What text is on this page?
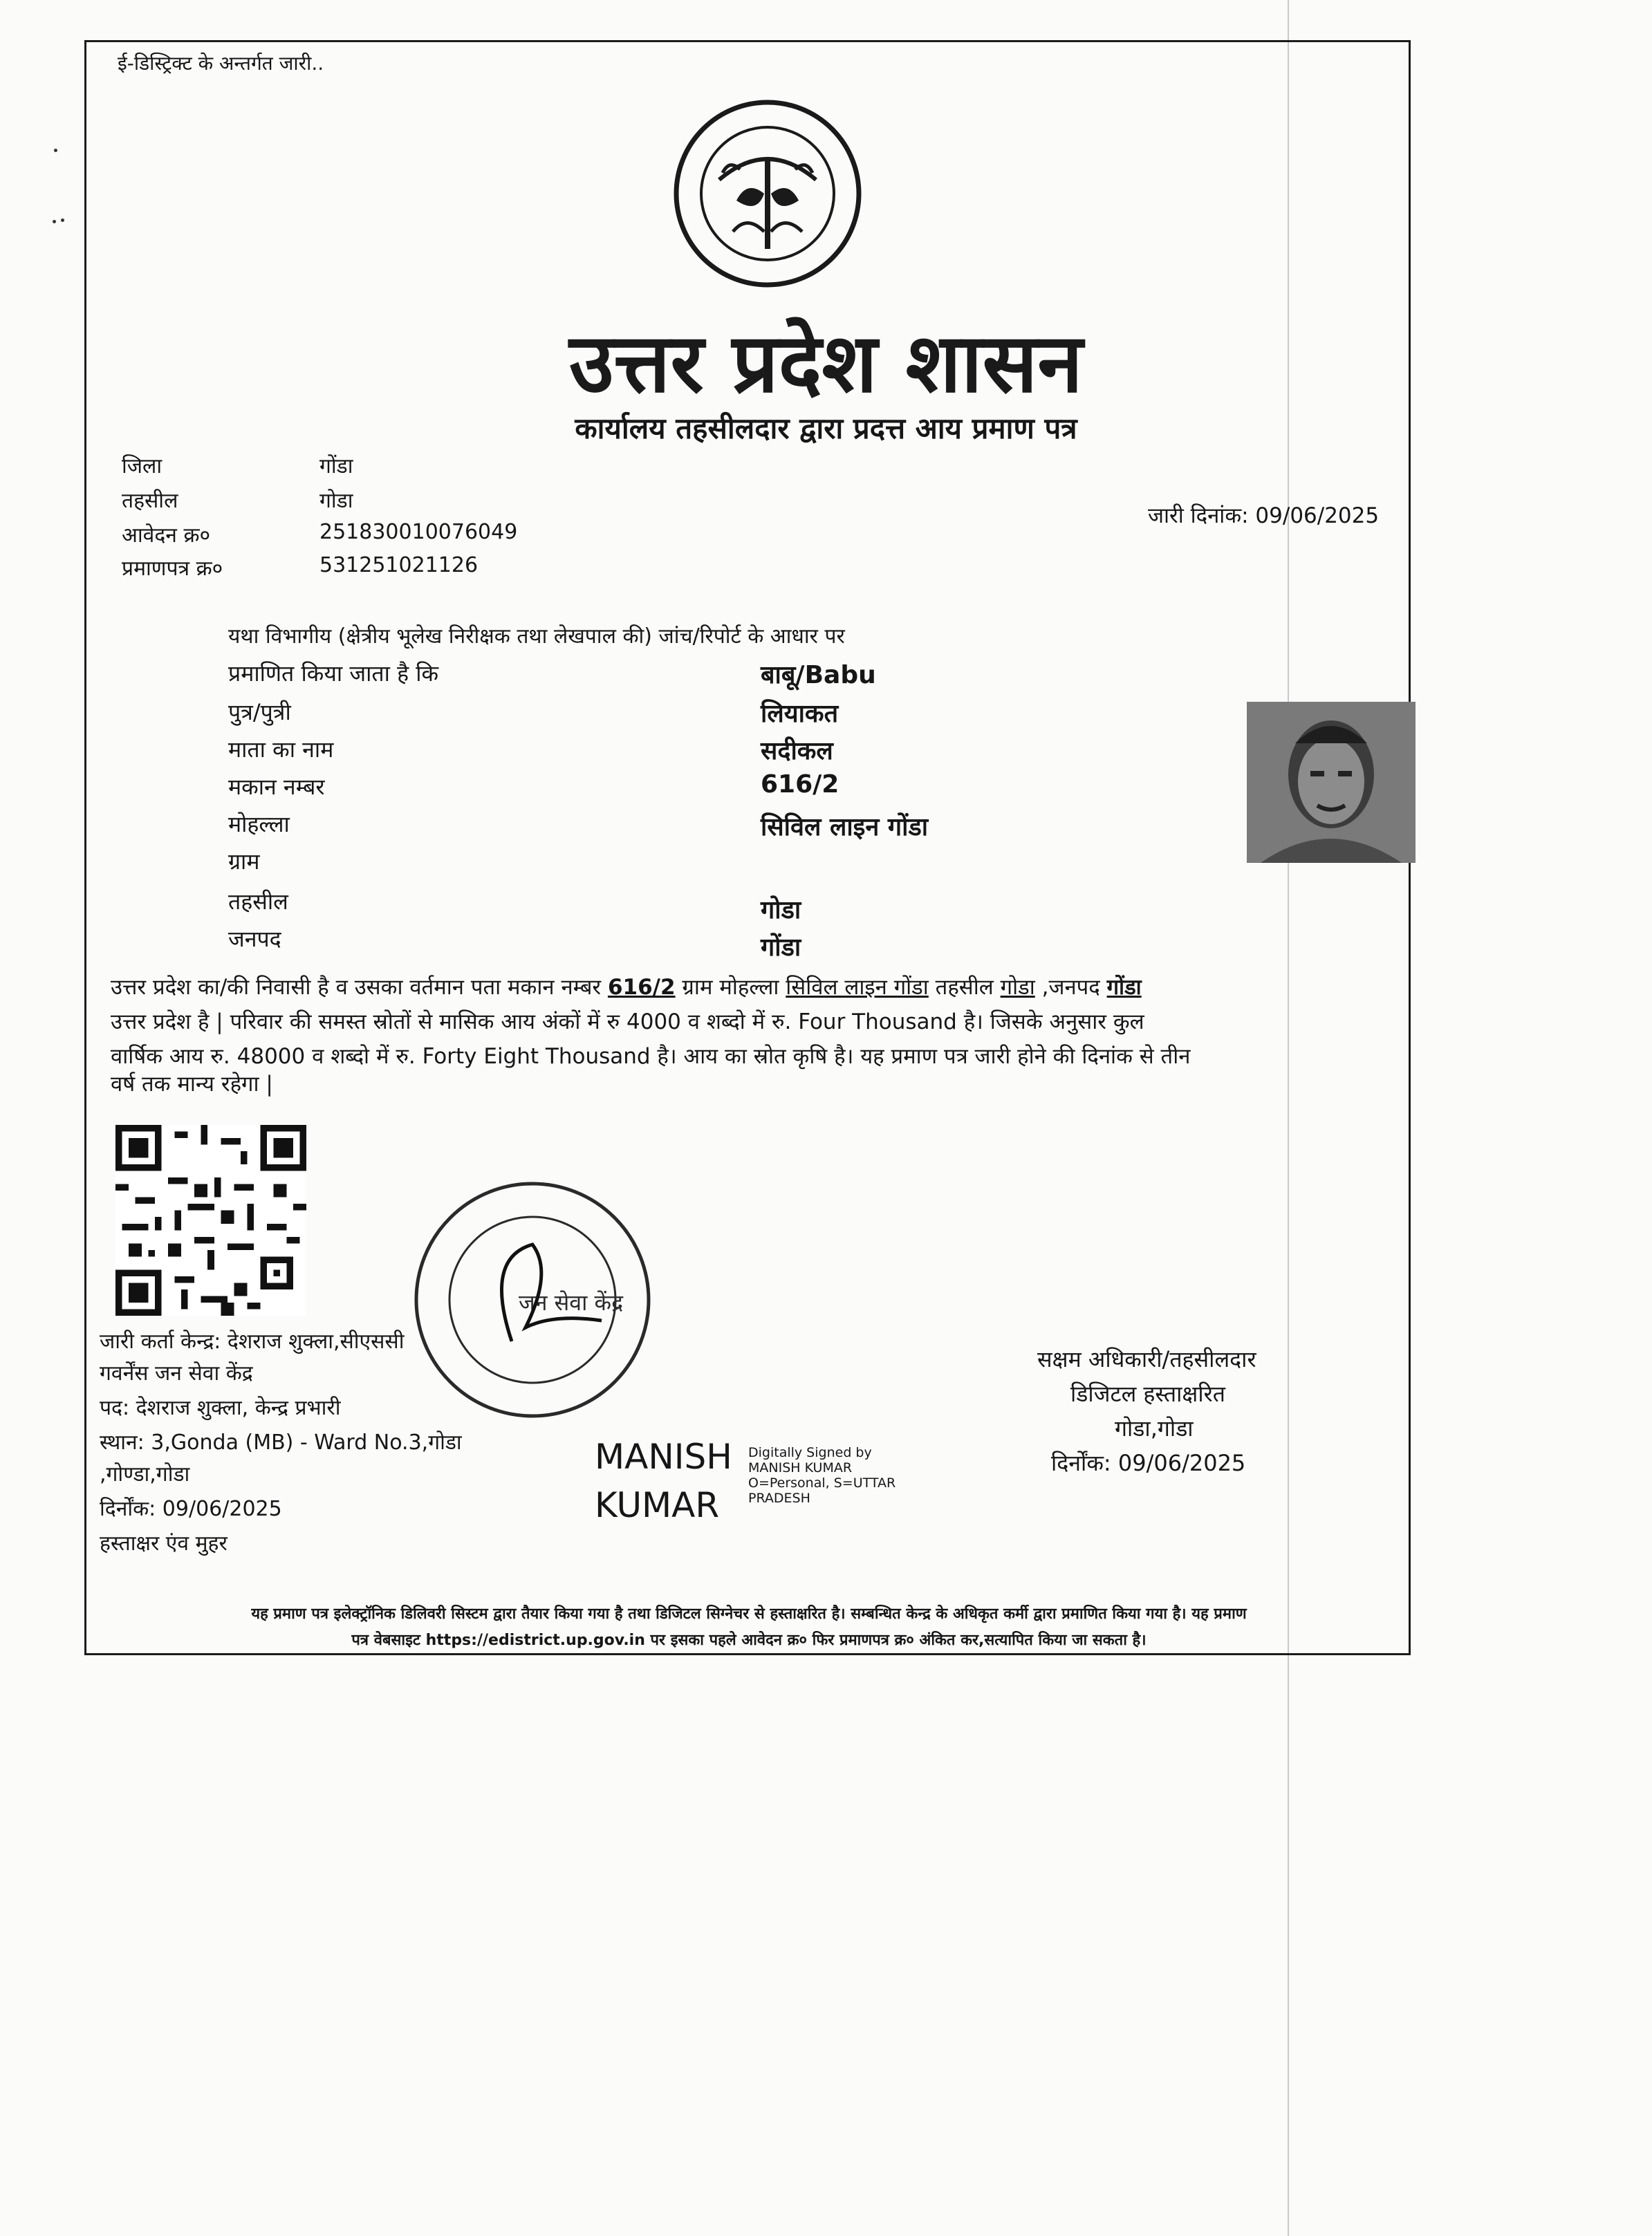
ई-डिस्ट्रिक्ट के अन्तर्गत जारी..
उत्तर प्रदेश शासन
कार्यालय तहसीलदार द्वारा प्रदत्त आय प्रमाण पत्र
जिला	गोंडा
तहसील	गोडा
आवेदन क्र०	251830010076049
प्रमाणपत्र क्र०	531251021126
जारी दिनांक: 09/06/2025
यथा विभागीय (क्षेत्रीय भूलेख निरीक्षक तथा लेखपाल की) जांच/रिपोर्ट के आधार पर
प्रमाणित किया जाता है कि	बाबू/Babu
पुत्र/पुत्री	लियाकत
माता का नाम	सदीकल
मकान नम्बर	616/2
मोहल्ला	सिविल लाइन गोंडा
ग्राम
तहसील	गोडा
जनपद	गोंडा
उत्तर प्रदेश का/की निवासी है व उसका वर्तमान पता मकान नम्बर 616/2 ग्राम मोहल्ला सिविल लाइन गोंडा तहसील गोडा ,जनपद गोंडा
उत्तर प्रदेश है | परिवार की समस्त स्रोतों से मासिक आय अंकों में रु 4000 व शब्दो में रु. Four Thousand है। जिसके अनुसार कुल
वार्षिक आय रु. 48000 व शब्दो में रु. Forty Eight Thousand है। आय का स्रोत कृषि है। यह प्रमाण पत्र जारी होने की दिनांक से तीन
वर्ष तक मान्य रहेगा |
जन सेवा केंद्र
जारी कर्ता केन्द्र: देशराज शुक्ला,सीएससी
गवर्नेंस जन सेवा केंद्र
पद: देशराज शुक्ला, केन्द्र प्रभारी
स्थान: 3,Gonda (MB) - Ward No.3,गोडा
,गोण्डा,गोडा
दिर्नोंक: 09/06/2025
हस्ताक्षर एंव मुहर
MANISH
KUMAR
Digitally Signed by MANISH KUMAR O=Personal, S=UTTAR PRADESH
सक्षम अधिकारी/तहसीलदार
डिजिटल हस्ताक्षरित
गोडा,गोडा
दिर्नोंक: 09/06/2025
यह प्रमाण पत्र इलेक्ट्रॉनिक डिलिवरी सिस्टम द्वारा तैयार किया गया है तथा डिजिटल सिग्नेचर से हस्ताक्षरित है। सम्बन्धित केन्द्र के अधिकृत कर्मी द्वारा प्रमाणित किया गया है। यह प्रमाण
पत्र वेबसाइट https://edistrict.up.gov.in पर इसका पहले आवेदन क्र० फिर प्रमाणपत्र क्र० अंकित कर,सत्यापित किया जा सकता है।
